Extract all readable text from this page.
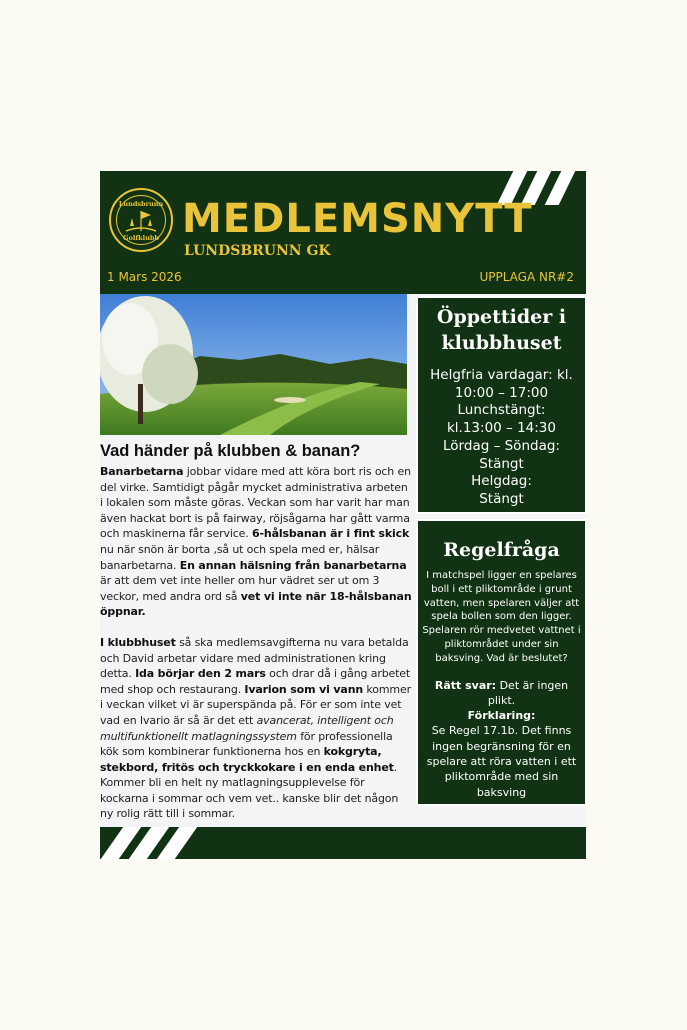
Lundsbrunn
Golfklubb MEDLEMSNYTT
LUNDSBRUNN GK
1 Mars 2026	UPPLAGA NR#2
Vad händer på klubben & banan?

Banarbetarna jobbar vidare med att köra bort ris och en del virke. Samtidigt pågår mycket administrativa arbeten i lokalen som måste göras. Veckan som har varit har man även hackat bort is på fairway, röjsågarna har gått varma och maskinerna får service. 6-hålsbanan är i fint skick nu när snön är borta ,så ut och spela med er, hälsar banarbetarna. En annan hälsning från banarbetarna är att dem vet inte heller om hur vädret ser ut om 3 veckor, med andra ord så vet vi inte när 18-hålsbanan öppnar.

I klubbhuset så ska medlemsavgifterna nu vara betalda och David arbetar vidare med administrationen kring detta. Ida börjar den 2 mars och drar då i gång arbetet med shop och restaurang. Ivarion som vi vann kommer i veckan vilket vi är superspända på. För er som inte vet vad en Ivario är så är det ett avancerat, intelligent och multifunktionellt matlagningssystem för professionella kök som kombinerar funktionerna hos en kokgryta, stekbord, fritös och tryckkokare i en enda enhet. Kommer bli en helt ny matlagningsupplevelse för kockarna i sommar och vem vet.. kanske blir det någon ny rolig rätt till i sommar.

Öppettider i klubbhuset
Helgfria vardagar: kl.
10:00 – 17:00
Lunchstängt:
kl.13:00 – 14:30
Lördag – Söndag:
Stängt
Helgdag:
Stängt
Regelfråga

I matchspel ligger en spelares boll i ett pliktområde i grunt vatten, men spelaren väljer att spela bollen som den ligger. Spelaren rör medvetet vattnet i pliktområdet under sin baksving. Vad är beslutet?

Rätt svar: Det är ingen plikt.
Förklaring:
Se Regel 17.1b. Det finns ingen begränsning för en spelare att röra vatten i ett pliktområde med sin baksving
